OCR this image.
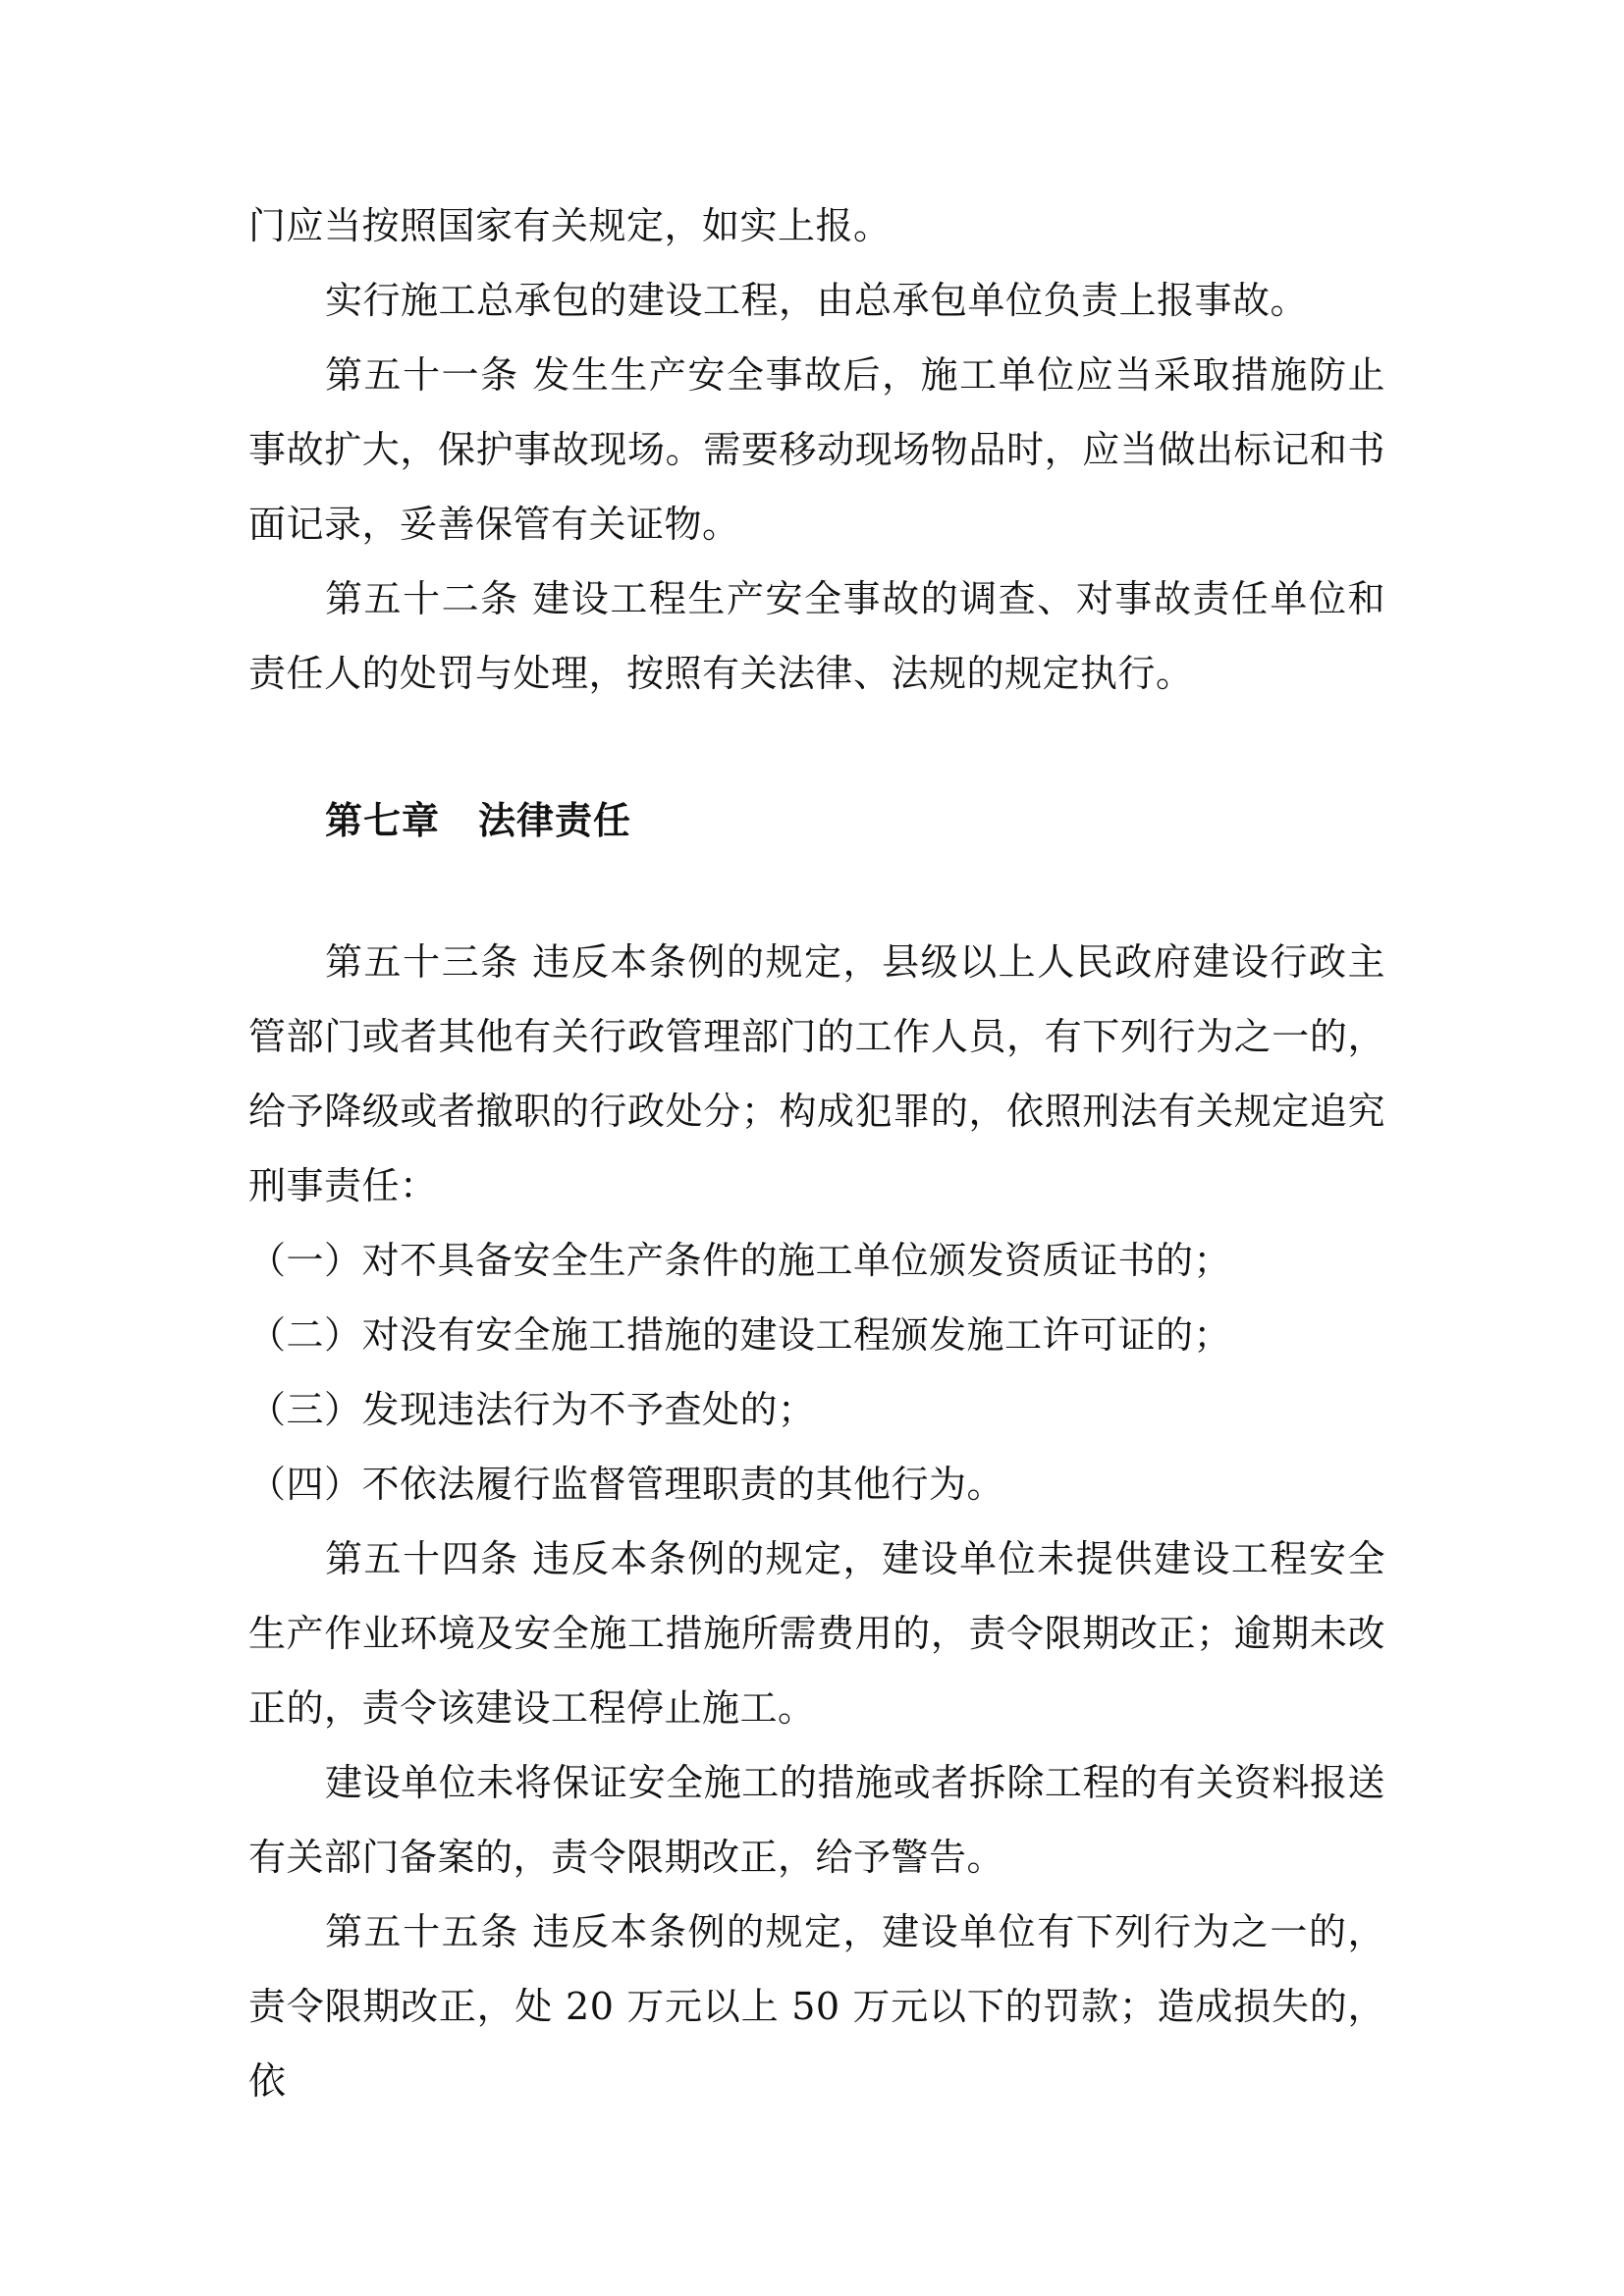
门应当按照国家有关规定，如实上报。

实行施工总承包的建设工程，由总承包单位负责上报事故。

第五十一条 发生生产安全事故后，施工单位应当采取措施防止事故扩大，保护事故现场。需要移动现场物品时，应当做出标记和书面记录，妥善保管有关证物。

第五十二条 建设工程生产安全事故的调查、对事故责任单位和责任人的处罚与处理，按照有关法律、法规的规定执行。

第七章　法律责任

第五十三条 违反本条例的规定，县级以上人民政府建设行政主管部门或者其他有关行政管理部门的工作人员，有下列行为之一的，给予降级或者撤职的行政处分；构成犯罪的，依照刑法有关规定追究刑事责任：

（一）对不具备安全生产条件的施工单位颁发资质证书的；

（二）对没有安全施工措施的建设工程颁发施工许可证的；

（三）发现违法行为不予查处的；

（四）不依法履行监督管理职责的其他行为。

第五十四条 违反本条例的规定，建设单位未提供建设工程安全生产作业环境及安全施工措施所需费用的，责令限期改正；逾期未改正的，责令该建设工程停止施工。

建设单位未将保证安全施工的措施或者拆除工程的有关资料报送有关部门备案的，责令限期改正，给予警告。

第五十五条 违反本条例的规定，建设单位有下列行为之一的，责令限期改正，处 20 万元以上 50 万元以下的罚款；造成损失的，依
